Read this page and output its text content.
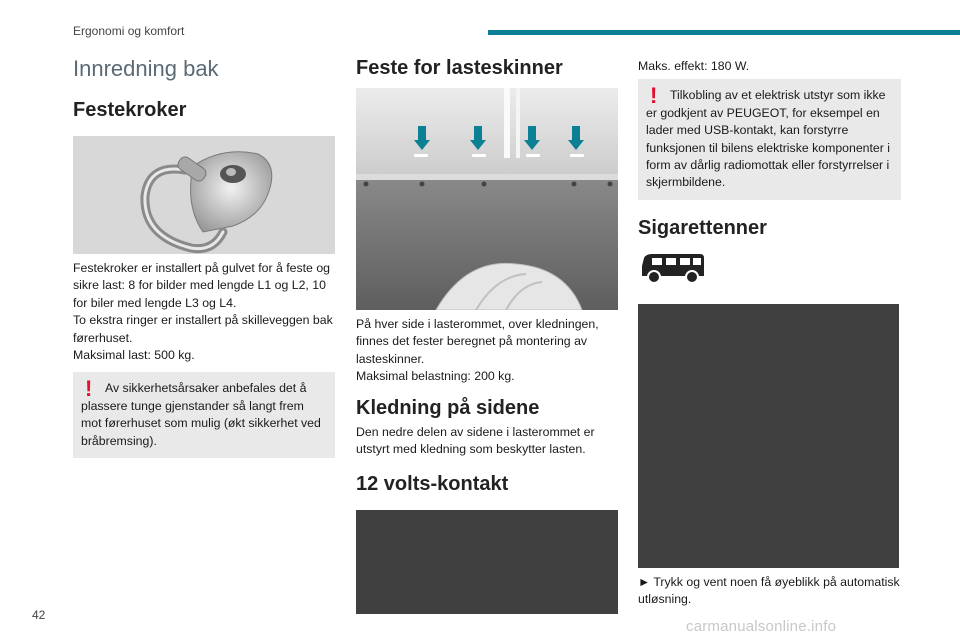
Ergonomi og komfort
Innredning bak
Festekroker

Festekroker er installert på gulvet for å feste og sikre last: 8 for bilder med lengde L1 og L2, 10 for biler med lengde L3 og L4.

To ekstra ringer er installert på skilleveggen bak førerhuset.

Maksimal last: 500 kg.

!	Av sikkerhetsårsaker anbefales det å plassere tunge gjenstander så langt frem mot førerhuset som mulig (økt sikkerhet ved bråbremsing).

Feste for lasteskinner

På hver side i lasterommet, over kledningen, finnes det fester beregnet på montering av lasteskinner.

Maksimal belastning: 200 kg.

Kledning på sidene

Den nedre delen av sidene i lasterommet er utstyrt med kledning som beskytter lasten.

12 volts-kontakt

Maks. effekt: 180 W.

!	Tilkobling av et elektrisk utstyr som ikke er godkjent av PEUGEOT, for eksempel en lader med USB-kontakt, kan forstyrre funksjonen til bilens elektriske komponenter i form av dårlig radiomottak eller forstyrrelser i skjermbildene.

Sigarettenner

► Trykk og vent noen få øyeblikk på automatisk utløsning.

42
carmanualsonline.info
